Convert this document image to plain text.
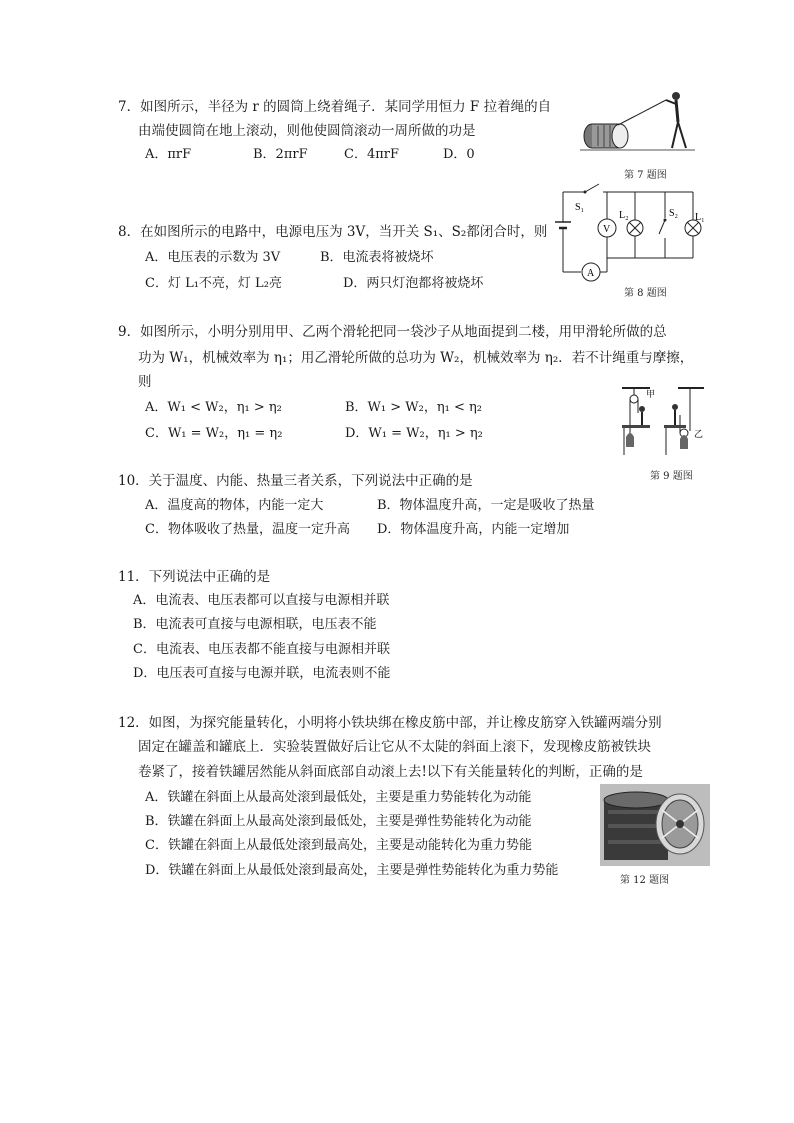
7．如图所示，半径为 r 的圆筒上绕着绳子．某同学用恒力 F 拉着绳的自
由端使圆筒在地上滚动，则他使圆筒滚动一周所做的功是
A．πrF	B．2πrF	C．4πrF	D．0
第 7 题图
8．在如图所示的电路中，电源电压为 3V，当开关 S₁、S₂都闭合时，则
A．电压表的示数为 3V	B．电流表将被烧坏
C．灯 L₁不亮，灯 L₂亮	D．两只灯泡都将被烧坏
A
V
L₂	S₂ L₁
S₁
第 8 题图
9．如图所示，小明分别用甲、乙两个滑轮把同一袋沙子从地面提到二楼，用甲滑轮所做的总
功为 W₁，机械效率为 η₁；用乙滑轮所做的总功为 W₂，机械效率为 η₂．若不计绳重与摩擦，
则
A．W₁ < W₂，η₁ > η₂	B．W₁ > W₂，η₁ < η₂
C．W₁ = W₂，η₁ = η₂	D．W₁ = W₂，η₁ > η₂
甲
乙
第 9 题图
10．关于温度、内能、热量三者关系，下列说法中正确的是
A．温度高的物体，内能一定大	B．物体温度升高，一定是吸收了热量
C．物体吸收了热量，温度一定升高 D．物体温度升高，内能一定增加
11．下列说法中正确的是
A．电流表、电压表都可以直接与电源相并联
B．电流表可直接与电源相联，电压表不能
C．电流表、电压表都不能直接与电源相并联
D．电压表可直接与电源并联，电流表则不能
12．如图，为探究能量转化，小明将小铁块绑在橡皮筋中部，并让橡皮筋穿入铁罐两端分别
固定在罐盖和罐底上．实验装置做好后让它从不太陡的斜面上滚下，发现橡皮筋被铁块
卷紧了，接着铁罐居然能从斜面底部自动滚上去!以下有关能量转化的判断，正确的是
A．铁罐在斜面上从最高处滚到最低处，主要是重力势能转化为动能
B．铁罐在斜面上从最高处滚到最低处，主要是弹性势能转化为动能
C．铁罐在斜面上从最低处滚到最高处，主要是动能转化为重力势能
D．铁罐在斜面上从最低处滚到最高处，主要是弹性势能转化为重力势能
第 12 题图
